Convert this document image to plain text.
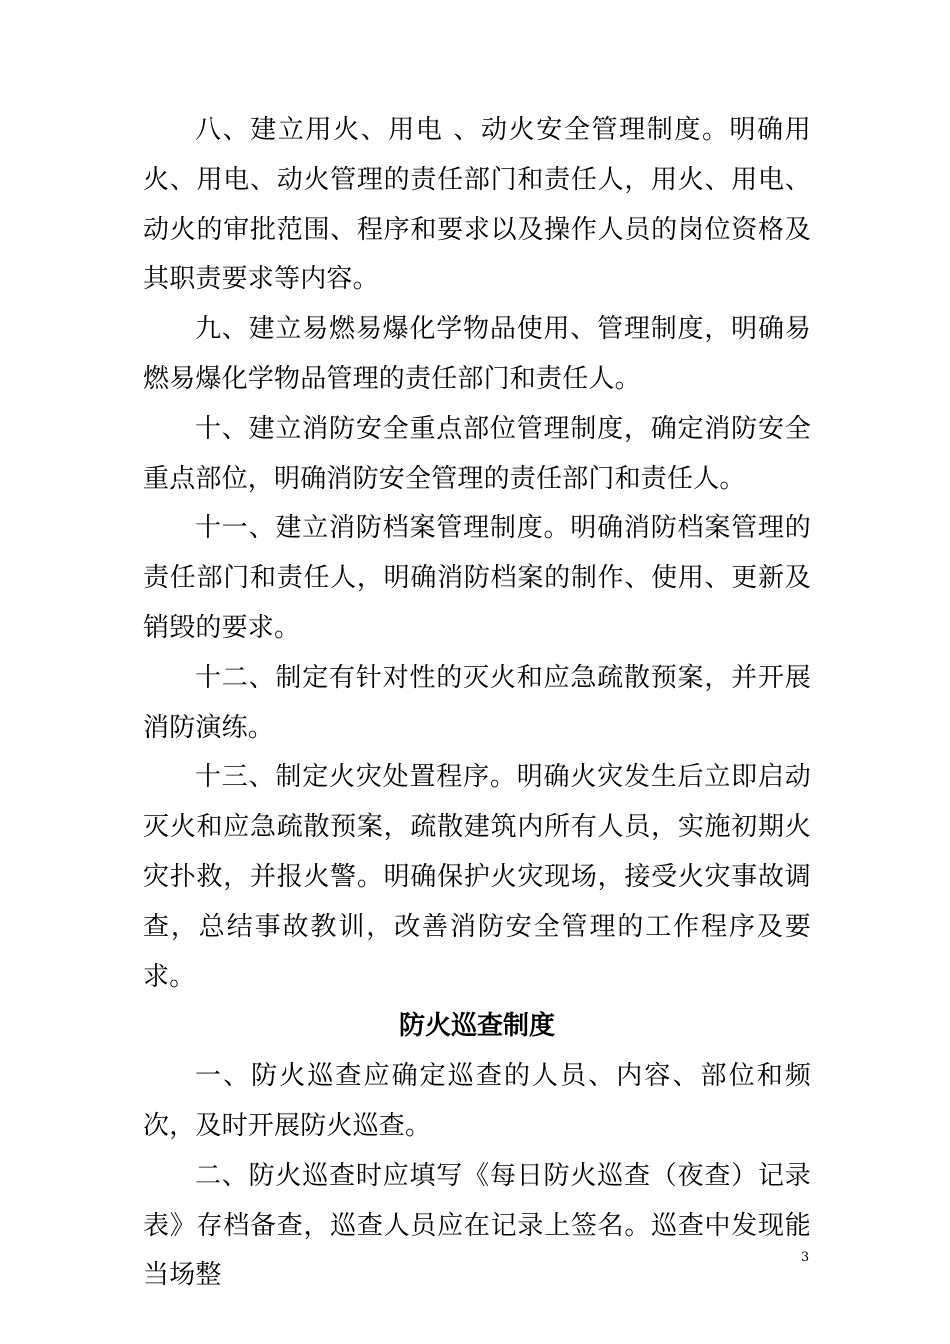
八、建立用火、用电 、动火安全管理制度。明确用火、用电、动火管理的责任部门和责任人，用火、用电、动火的审批范围、程序和要求以及操作人员的岗位资格及其职责要求等内容。

九、建立易燃易爆化学物品使用、管理制度，明确易燃易爆化学物品管理的责任部门和责任人。

十、建立消防安全重点部位管理制度，确定消防安全重点部位，明确消防安全管理的责任部门和责任人。

十一、建立消防档案管理制度。明确消防档案管理的责任部门和责任人，明确消防档案的制作、使用、更新及销毁的要求。

十二、制定有针对性的灭火和应急疏散预案，并开展消防演练。

十三、制定火灾处置程序。明确火灾发生后立即启动灭火和应急疏散预案，疏散建筑内所有人员，实施初期火灾扑救，并报火警。明确保护火灾现场，接受火灾事故调查，总结事故教训，改善消防安全管理的工作程序及要求。

防火巡查制度

一、防火巡查应确定巡查的人员、内容、部位和频次，及时开展防火巡查。

二、防火巡查时应填写《每日防火巡查（夜查）记录表》存档备查，巡查人员应在记录上签名。巡查中发现能当场整

3
